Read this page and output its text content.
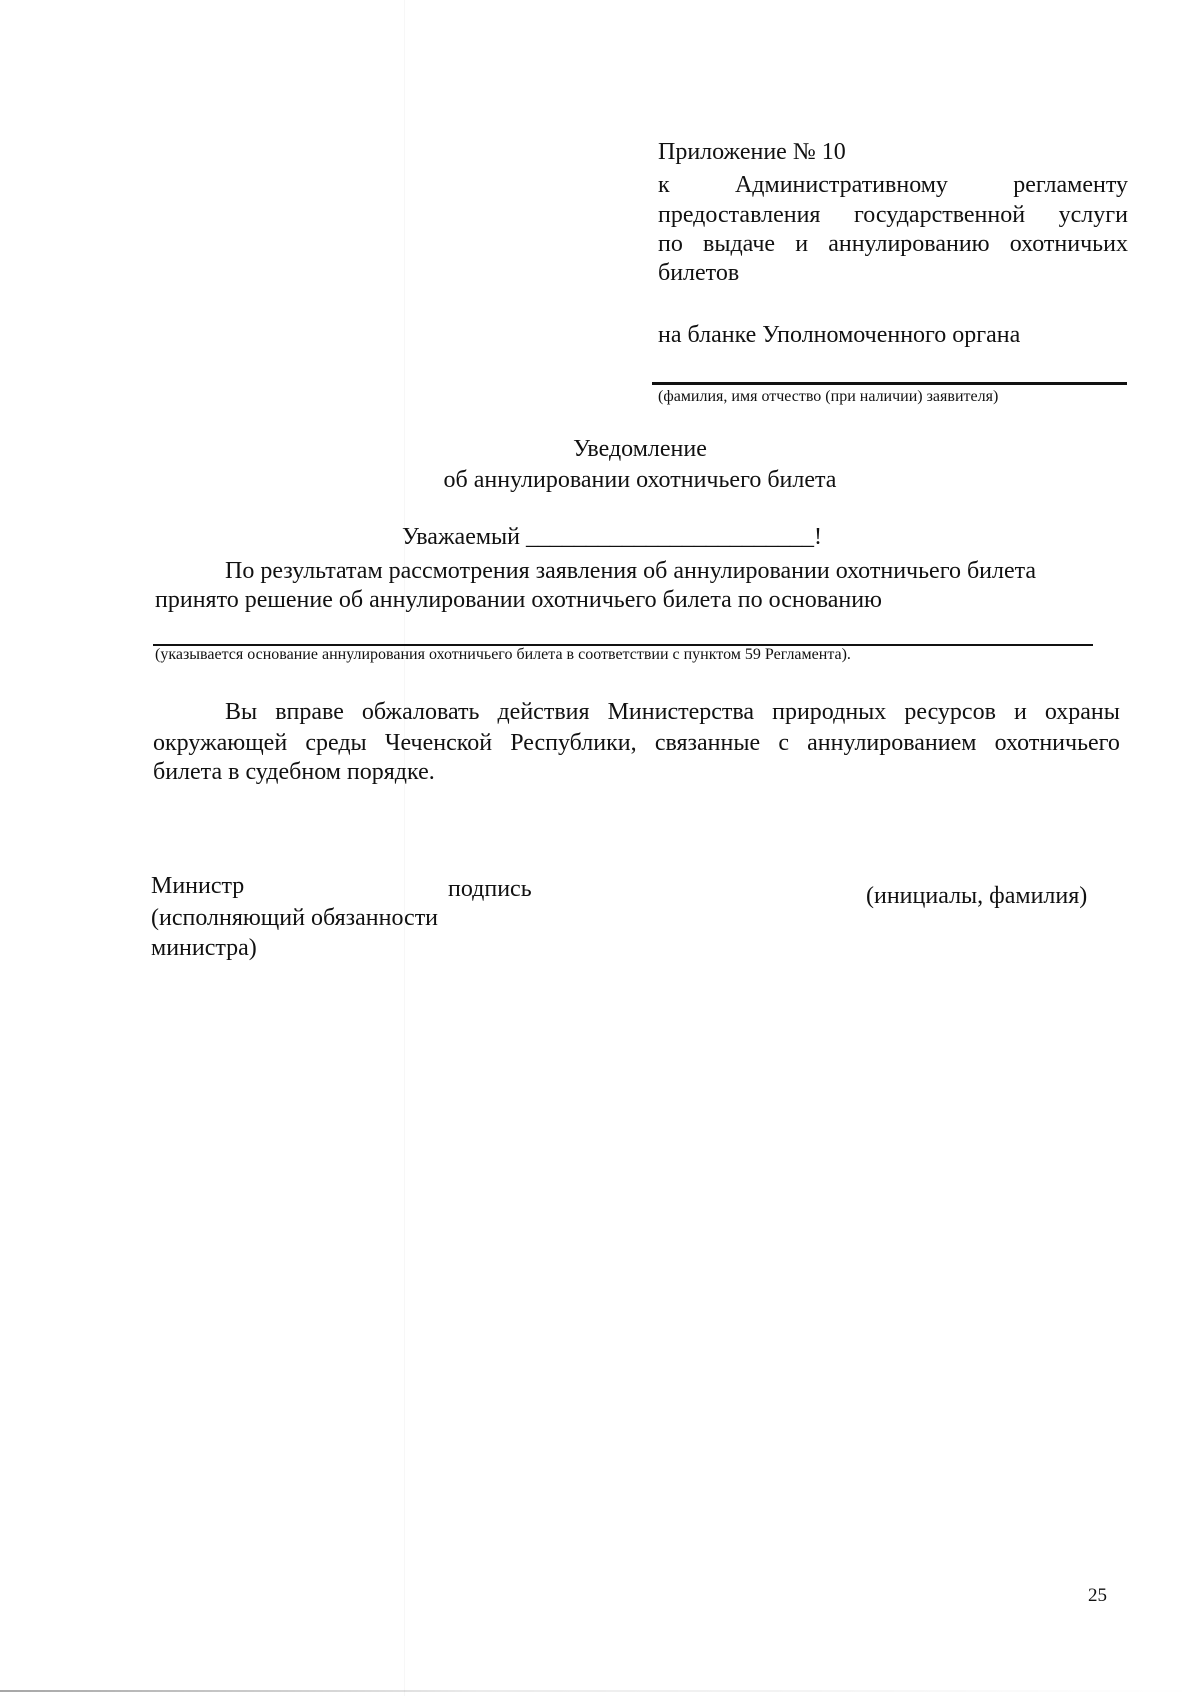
Приложение № 10
к	Административному	регламенту
предоставления государственной услуги
по выдаче и аннулированию охотничьих
билетов
на бланке Уполномоченного органа
(фамилия, имя отчество (при наличии) заявителя)
Уведомление
об аннулировании охотничьего билета
Уважаемый ________________________!
По результатам рассмотрения заявления об аннулировании охотничьего билета
принято решение об аннулировании охотничьего билета по основанию
(указывается основание аннулирования охотничьего билета в соответствии с пунктом 59 Регламента).
Вы вправе обжаловать действия Министерства природных ресурсов и охраны
окружающей среды Чеченской Республики, связанные с аннулированием охотничьего
билета в судебном порядке.
Министр
(исполняющий обязанности
министра)
подпись	(инициалы, фамилия)
25
